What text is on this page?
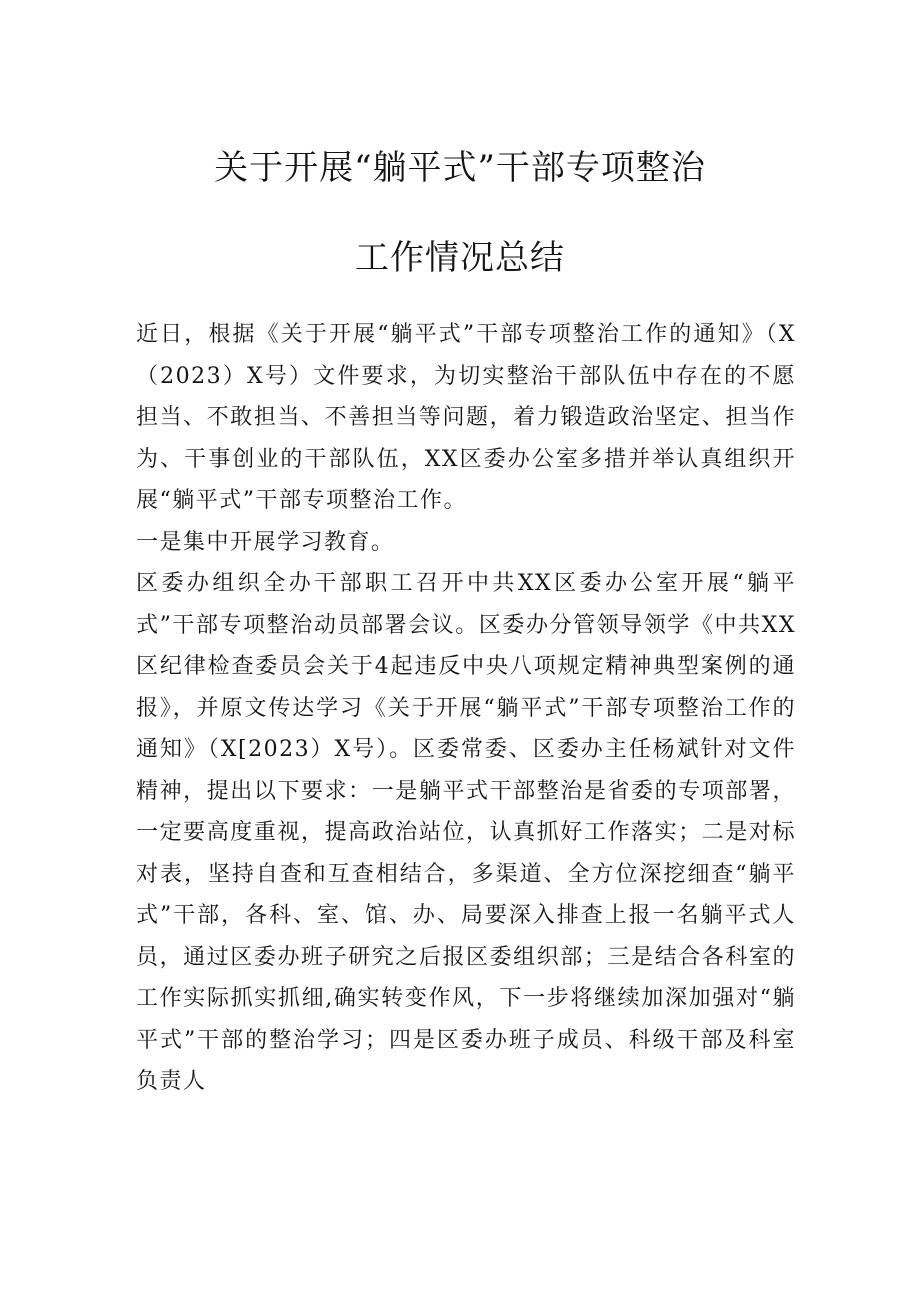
关于开展“躺平式”干部专项整治
工作情况总结

近日，根据《关于开展“躺平式”干部专项整治工作的通知》（X（2023）X号）文件要求，为切实整治干部队伍中存在的不愿担当、不敢担当、不善担当等问题，着力锻造政治坚定、担当作为、干事创业的干部队伍，XX区委办公室多措并举认真组织开展“躺平式”干部专项整治工作。

一是集中开展学习教育。

区委办组织全办干部职工召开中共XX区委办公室开展“躺平式”干部专项整治动员部署会议。区委办分管领导领学《中共XX区纪律检查委员会关于4起违反中央八项规定精神典型案例的通报》，并原文传达学习《关于开展“躺平式”干部专项整治工作的通知》（X[2023）X号）。区委常委、区委办主任杨斌针对文件精神，提出以下要求：一是躺平式干部整治是省委的专项部署，一定要高度重视，提高政治站位，认真抓好工作落实；二是对标对表，坚持自查和互查相结合，多渠道、全方位深挖细查“躺平式”干部，各科、室、馆、办、局要深入排查上报一名躺平式人员，通过区委办班子研究之后报区委组织部；三是结合各科室的工作实际抓实抓细,确实转变作风，下一步将继续加深加强对“躺平式”干部的整治学习；四是区委办班子成员、科级干部及科室负责人
